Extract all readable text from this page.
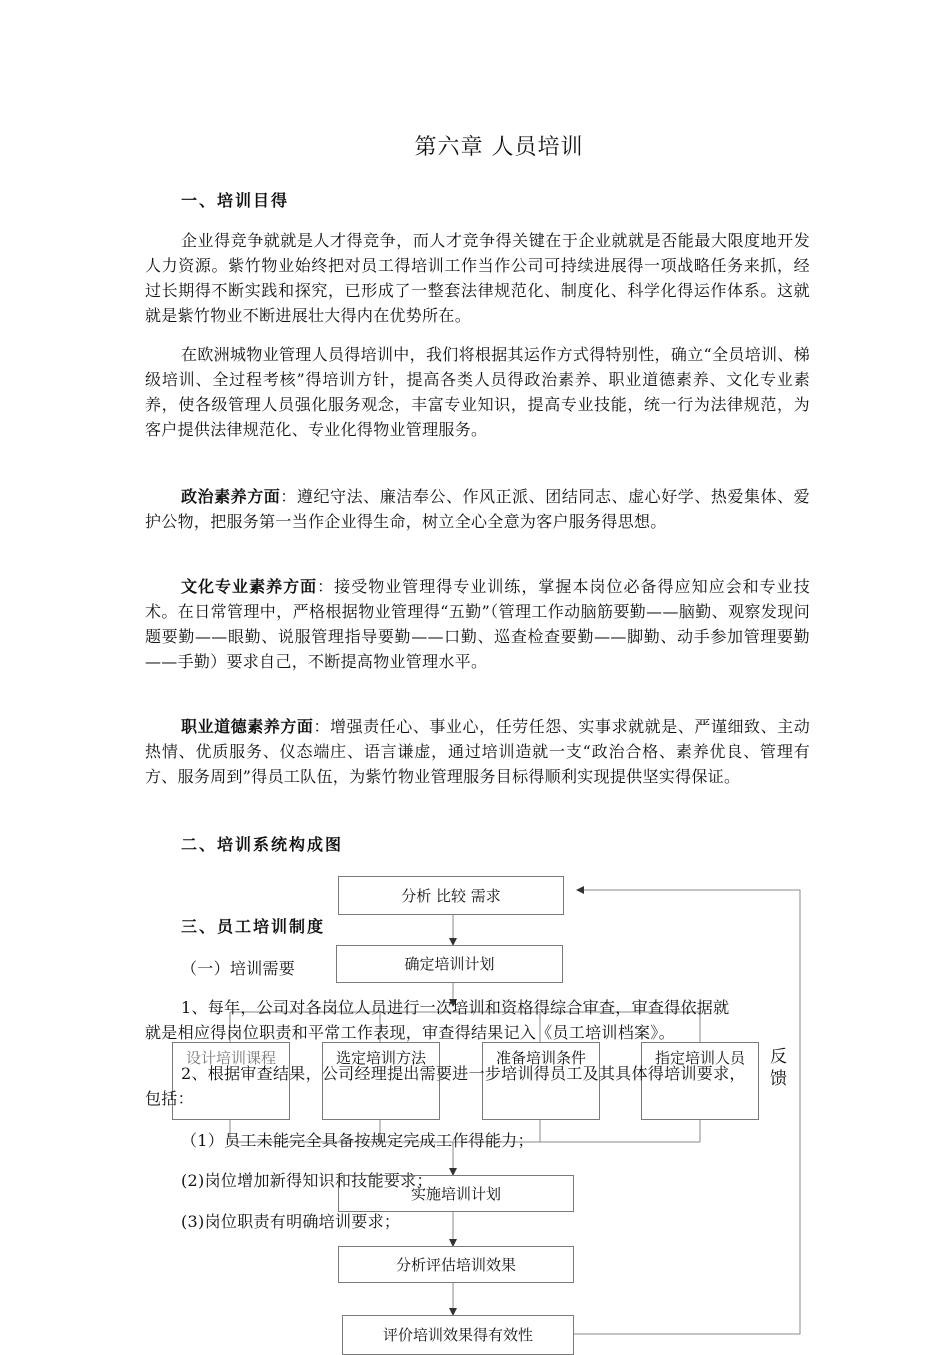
第六章 人员培训
一、培训目得
企业得竞争就就是人才得竞争，而人才竞争得关键在于企业就就是否能最大限度地开发人力资源。紫竹物业始终把对员工得培训工作当作公司可持续进展得一项战略任务来抓，经过长期得不断实践和探究，已形成了一整套法律规范化、制度化、科学化得运作体系。这就就是紫竹物业不断进展壮大得内在优势所在。
在欧洲城物业管理人员得培训中，我们将根据其运作方式得特别性，确立“全员培训、梯级培训、全过程考核”得培训方针，提高各类人员得政治素养、职业道德素养、文化专业素养，使各级管理人员强化服务观念，丰富专业知识，提高专业技能，统一行为法律规范，为客户提供法律规范化、专业化得物业管理服务。
政治素养方面：遵纪守法、廉洁奉公、作风正派、团结同志、虚心好学、热爱集体、爱护公物，把服务第一当作企业得生命，树立全心全意为客户服务得思想。
文化专业素养方面：接受物业管理得专业训练，掌握本岗位必备得应知应会和专业技术。在日常管理中，严格根据物业管理得“五勤”（管理工作动脑筋要勤——脑勤、观察发现问题要勤——眼勤、说服管理指导要勤——口勤、巡查检查要勤——脚勤、动手参加管理要勤——手勤）要求自己，不断提高物业管理水平。
职业道德素养方面：增强责任心、事业心，任劳任怨、实事求就就是、严谨细致、主动热情、优质服务、仪态端庄、语言谦虚，通过培训造就一支“政治合格、素养优良、管理有方、服务周到”得员工队伍，为紫竹物业管理服务目标得顺利实现提供坚实得保证。
二、培训系统构成图
分析 比较 需求
三、员工培训制度
（一）培训需要	确定培训计划
1、每年，公司对各岗位人员进行一次培训和资格得综合审查，审查得依据就
就是相应得岗位职责和平常工作表现，审查得结果记入《员工培训档案》。
设计培训课程	选定培训方法	准备培训条件	指定培训人员	反馈
2、根据审查结果，公司经理提出需要进一步培训得员工及其具体得培训要求，
包括：
（1）员工未能完全具备按规定完成工作得能力；
(2)岗位增加新得知识和技能要求；
实施培训计划
(3)岗位职责有明确培训要求；
分析评估培训效果
评价培训效果得有效性
